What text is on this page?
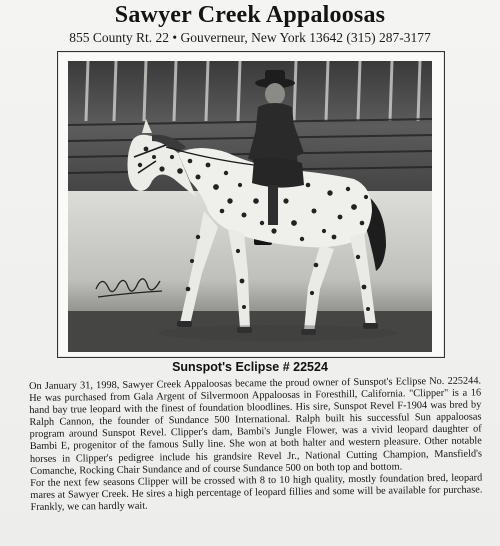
Sawyer Creek Appaloosas
855 County Rt. 22 • Gouverneur, New York 13642 (315) 287-3177
Sunspot's Eclipse # 22524

On January 31, 1998, Sawyer Creek Appaloosas became the proud owner of Sunspot's Eclipse No. 225244. He was purchased from Gala Argent of Silvermoon Appaloosas in Foresthill, California. "Clipper" is a 16 hand bay true leopard with the finest of foundation bloodlines. His sire, Sunspot Revel F-1904 was bred by Ralph Cannon, the founder of Sundance 500 International. Ralph built his successful Sun appaloosas program around Sunspot Revel. Clipper's dam, Bambi's Jungle Flower, was a vivid leopard daughter of Bambi E, progenitor of the famous Sully line. She won at both halter and western pleasure. Other notable horses in Clipper's pedigree include his grandsire Revel Jr., National Cutting Champion, Mansfield's Comanche, Rocking Chair Sundance and of course Sundance 500 on both top and bottom.

For the next few seasons Clipper will be crossed with 8 to 10 high quality, mostly foundation bred, leopard mares at Sawyer Creek. He sires a high percentage of leopard fillies and some will be available for purchase. Frankly, we can hardly wait.
